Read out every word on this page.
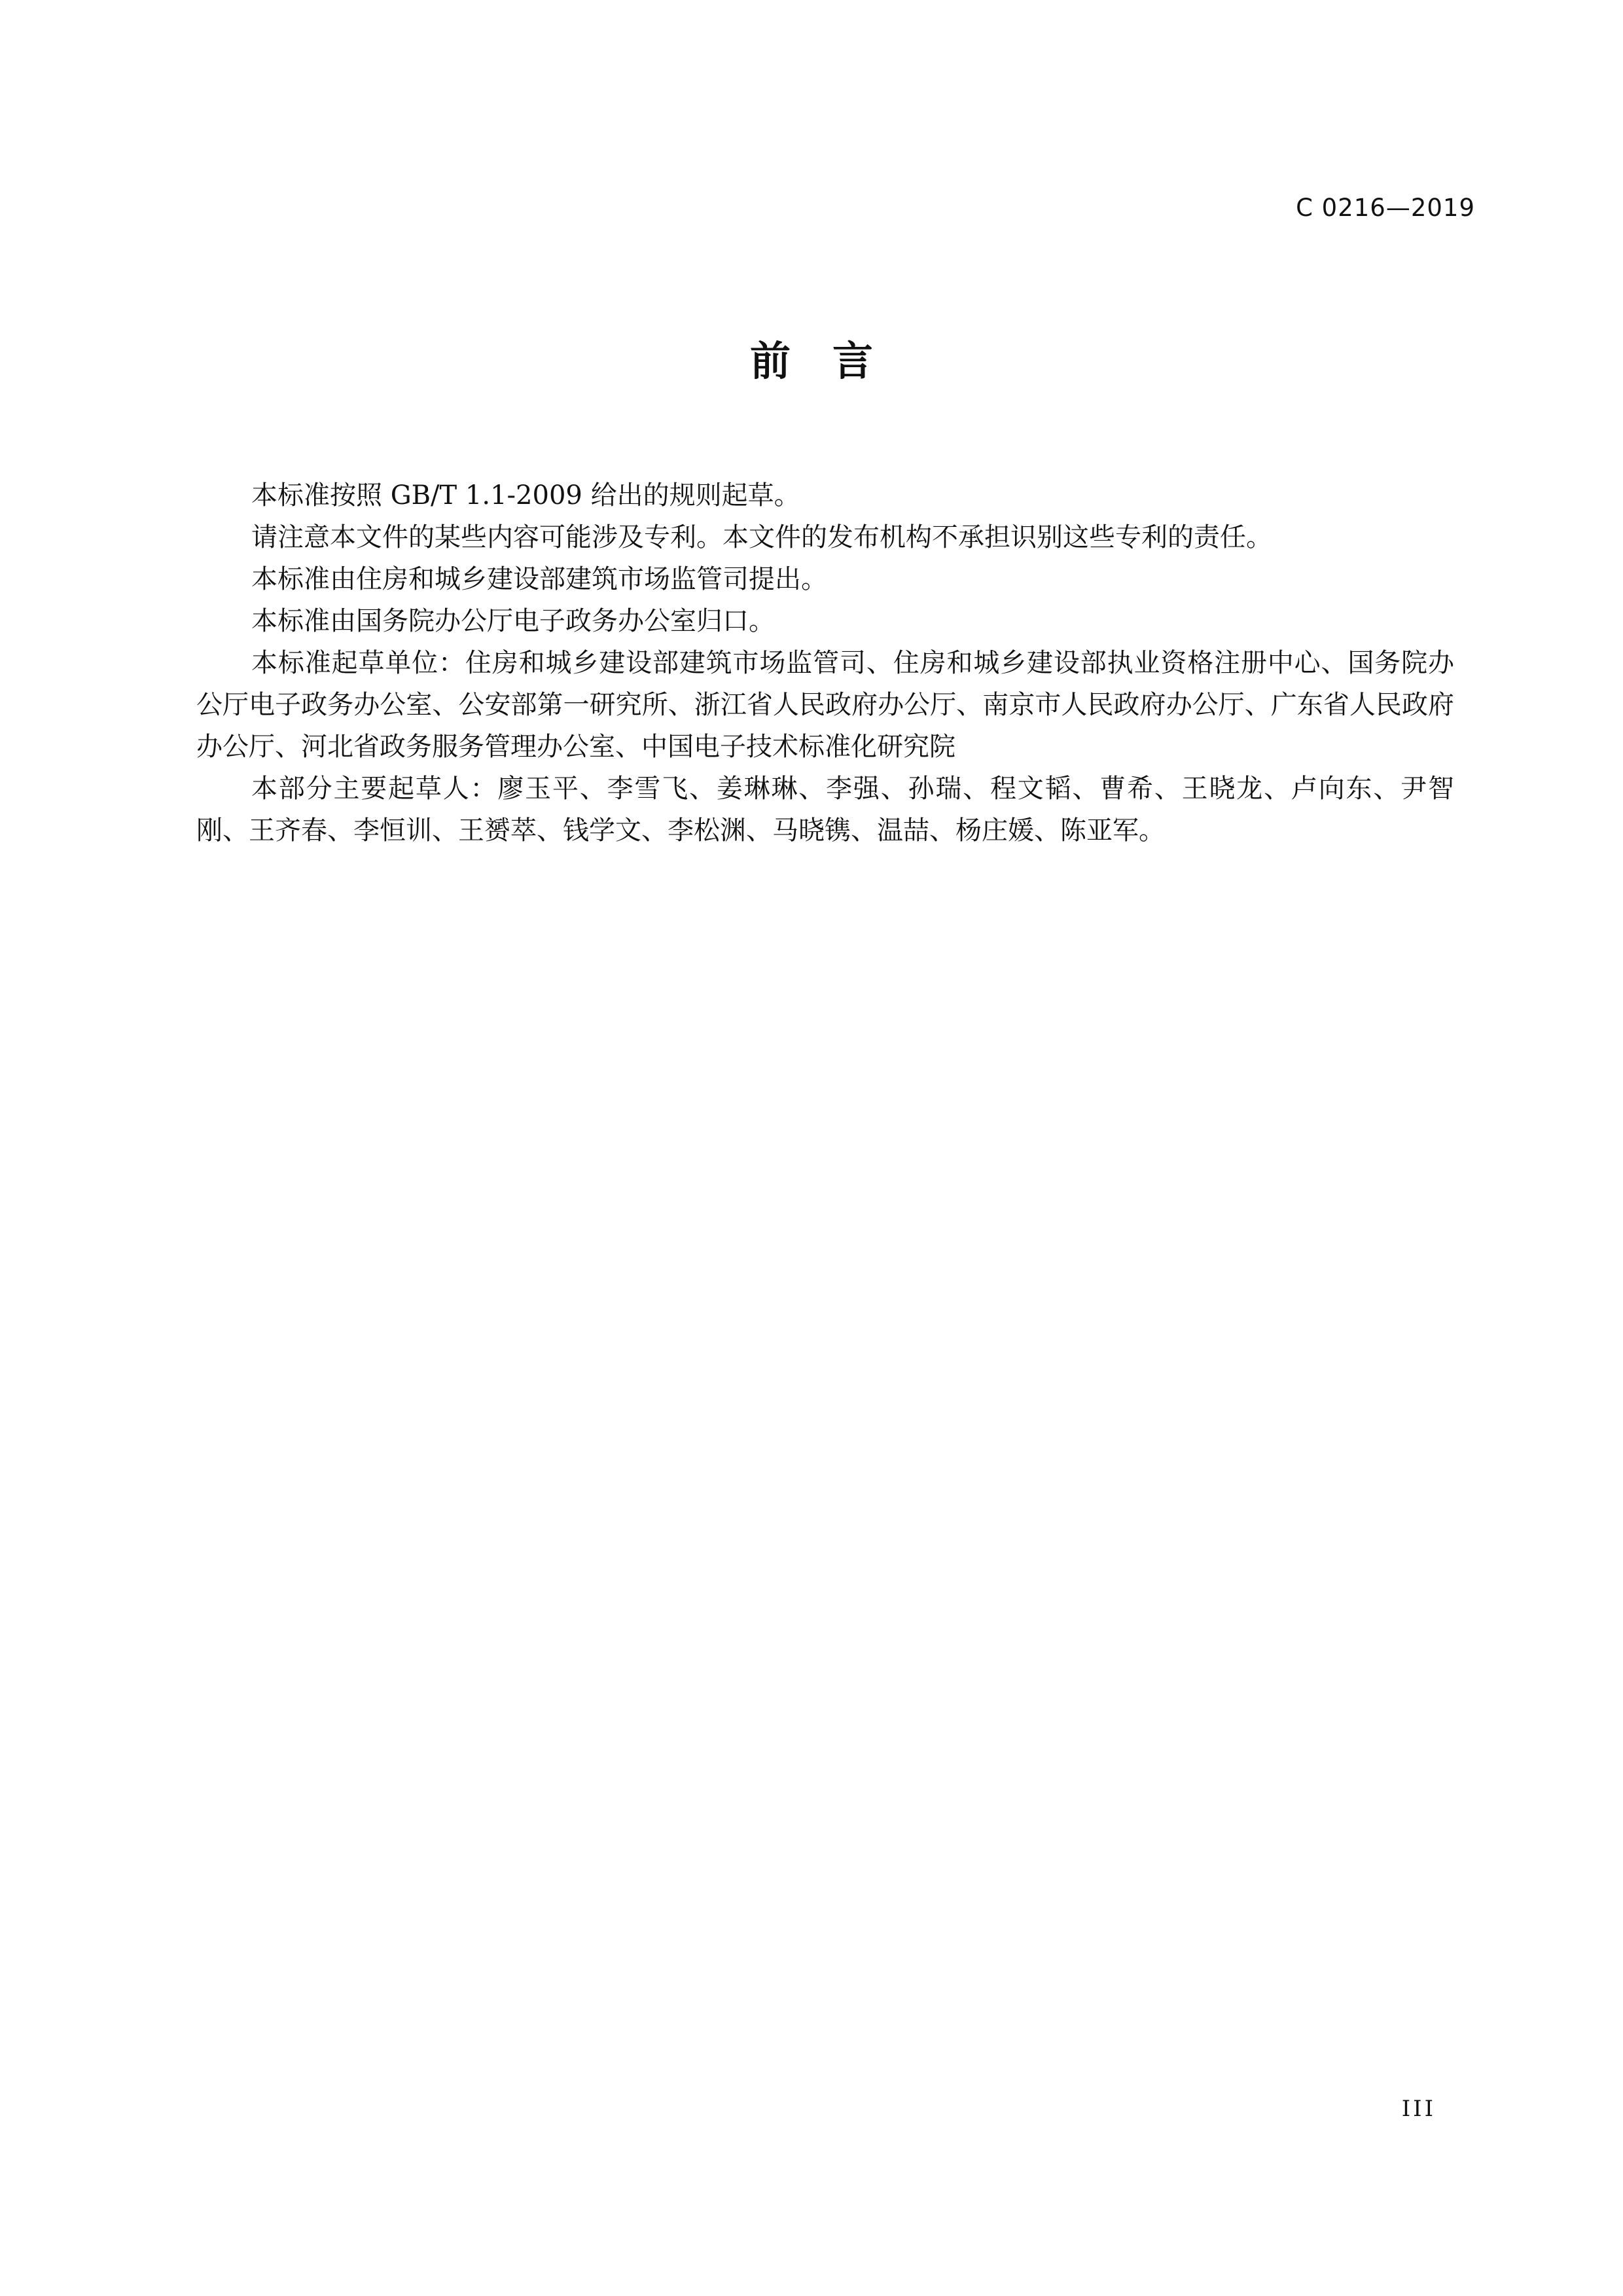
C 0216—2019
前言

本标准按照 GB/T 1.1-2009 给出的规则起草。

请注意本文件的某些内容可能涉及专利。本文件的发布机构不承担识别这些专利的责任。

本标准由住房和城乡建设部建筑市场监管司提出。

本标准由国务院办公厅电子政务办公室归口。

本标准起草单位：住房和城乡建设部建筑市场监管司、住房和城乡建设部执业资格注册中心、国务院办公厅电子政务办公室、公安部第一研究所、浙江省人民政府办公厅、南京市人民政府办公厅、广东省人民政府办公厅、河北省政务服务管理办公室、中国电子技术标准化研究院

本部分主要起草人：廖玉平、李雪飞、姜琳琳、李强、孙瑞、程文韬、曹希、王晓龙、卢向东、尹智刚、王齐春、李恒训、王赟萃、钱学文、李松渊、马晓镌、温喆、杨庄媛、陈亚军。

III
